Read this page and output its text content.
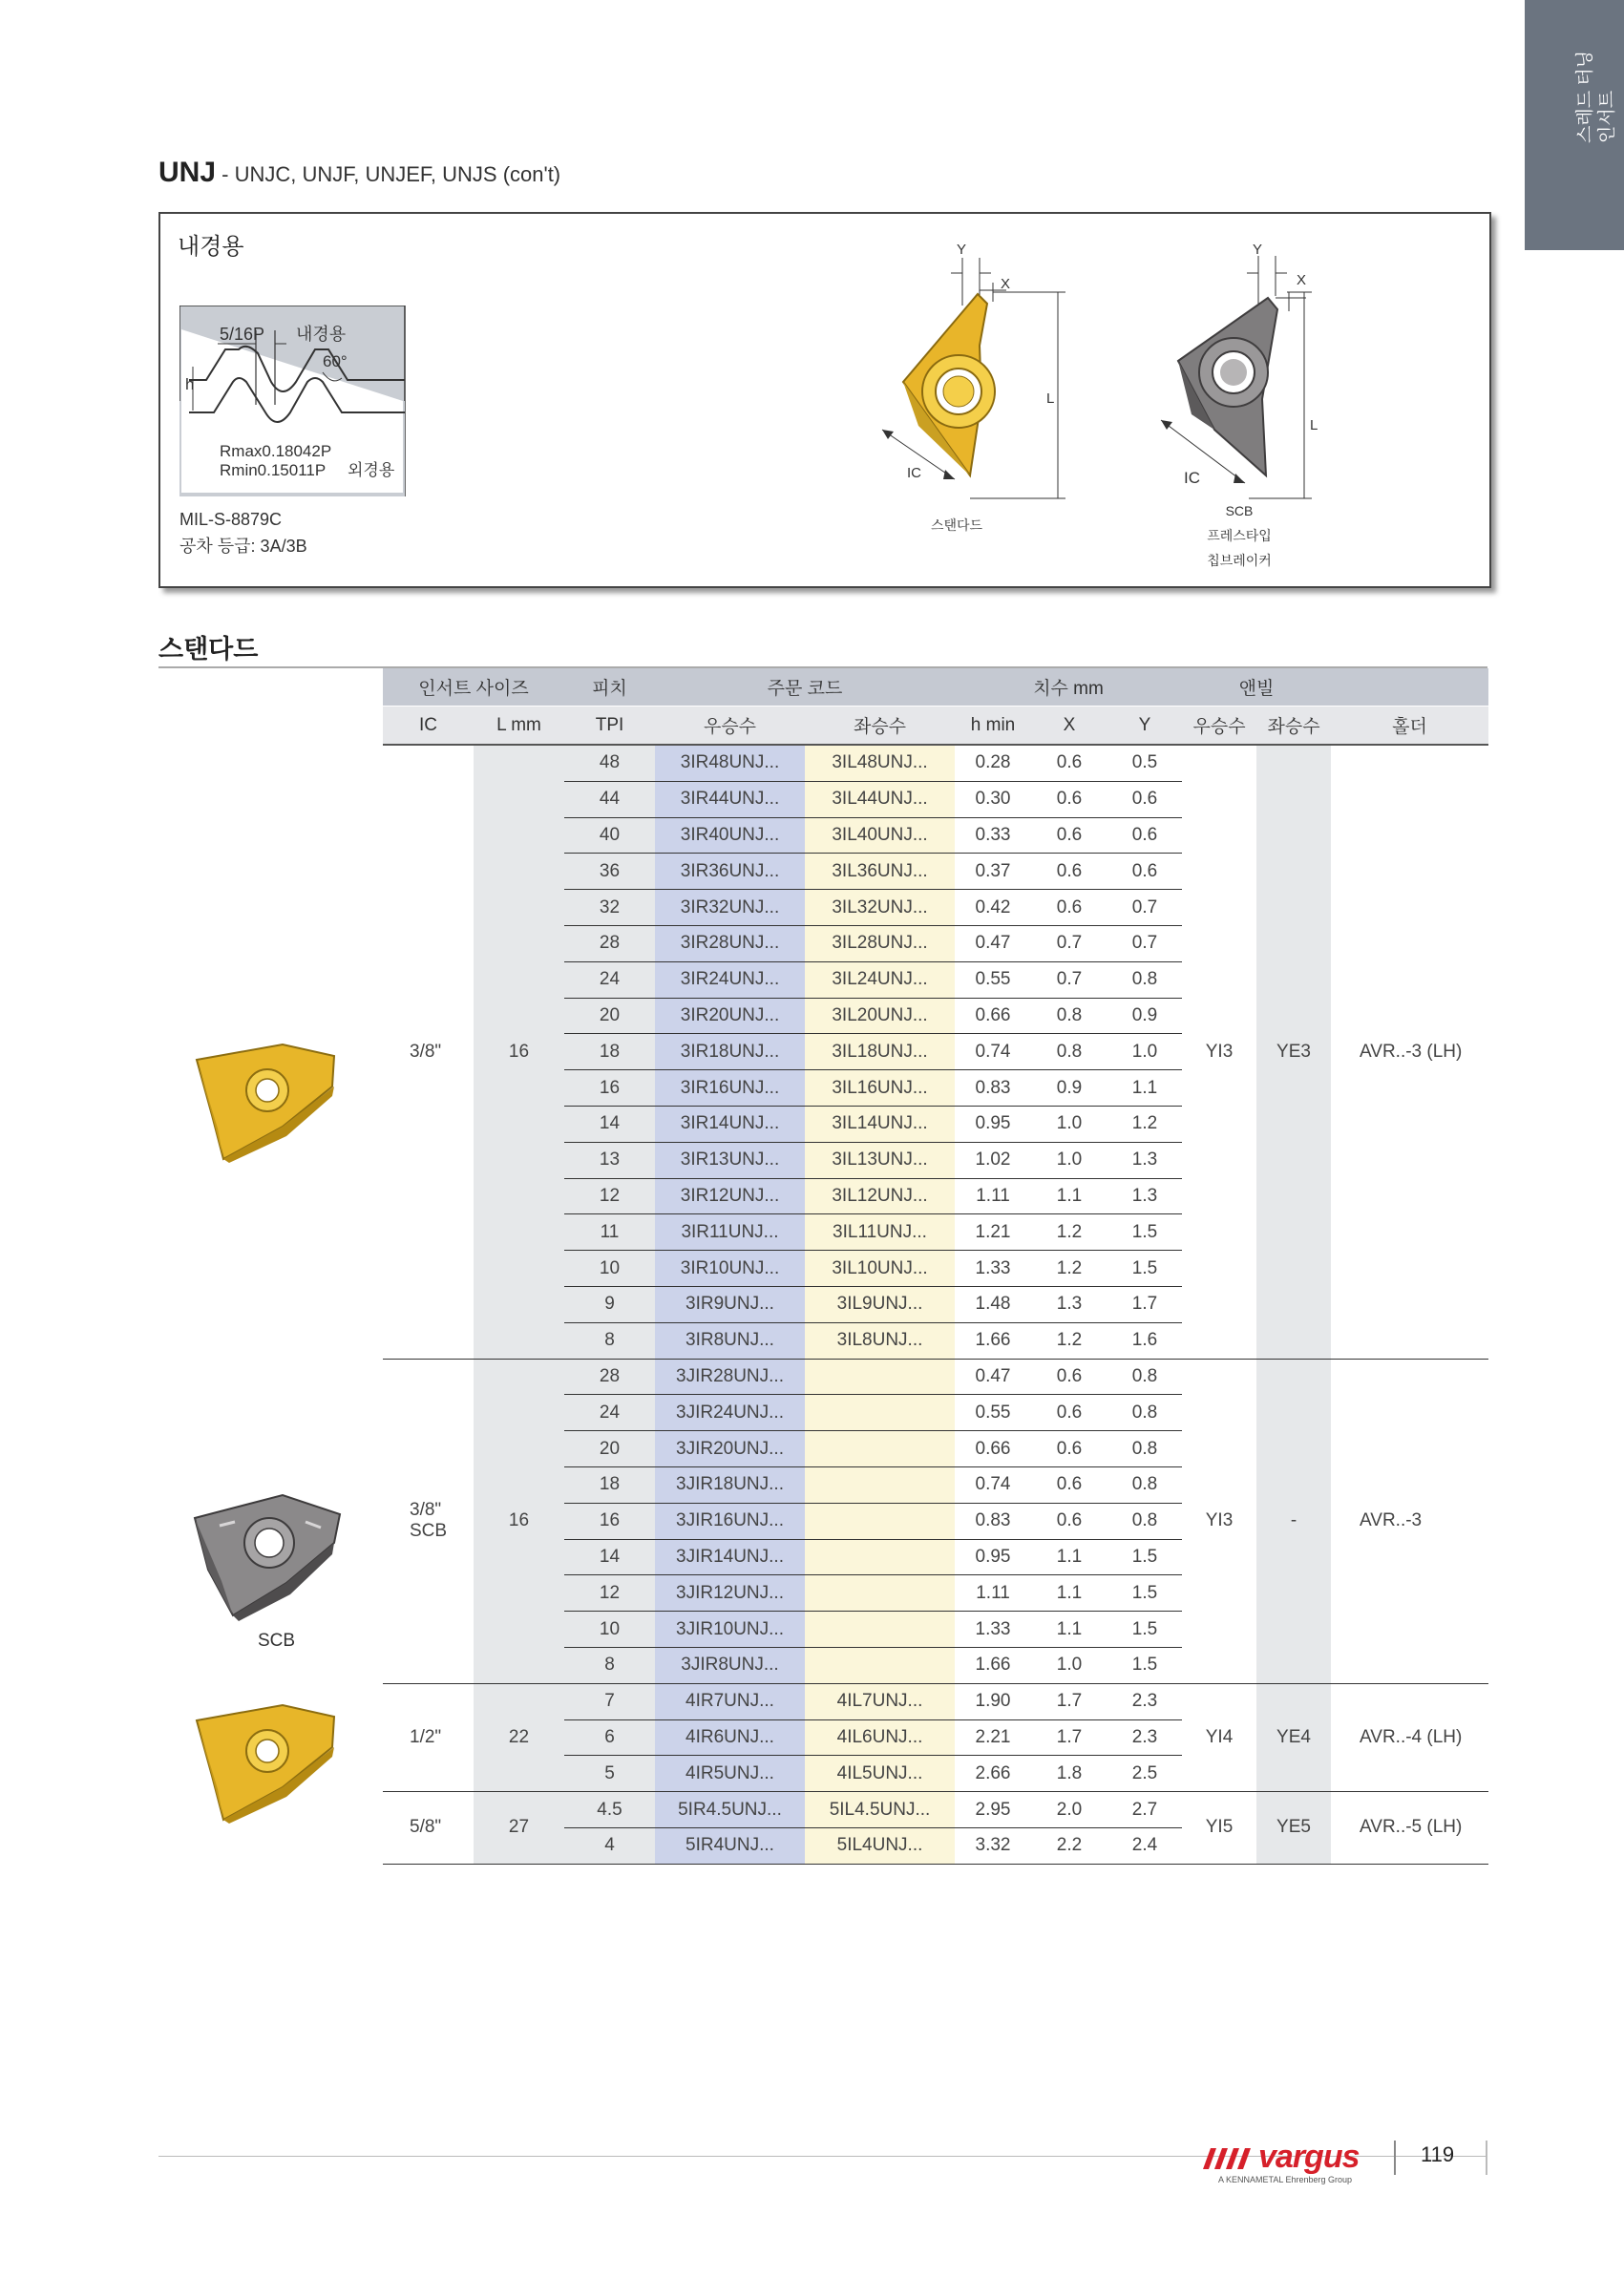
스레드 터닝 인서트
UNJ - UNJC, UNJF, UNJEF, UNJS (con't)
내경용
5/16P 내경용
60°
h
Rmax0.18042P
Rmin0.15011P 외경용
MIL-S-8879C
공차 등급: 3A/3B
Y
X
L
IC
스탠다드
Y
X
L
IC
SCB
프레스타입
칩브레이커
스탠다드
SCB
인서트 사이즈		피치	주문 코드		치수 mm			앤빌		
IC	L mm	TPI	우승수	좌승수	h min	X	Y	우승수	좌승수	홀더

3/8"	16	48	3IR48UNJ...	3IL48UNJ...	0.28	0.6	0.5	YI3	YE3	AVR..-3 (LH)
		44	3IR44UNJ...	3IL44UNJ...	0.30	0.6	0.6			
		40	3IR40UNJ...	3IL40UNJ...	0.33	0.6	0.6			
		36	3IR36UNJ...	3IL36UNJ...	0.37	0.6	0.6			
		32	3IR32UNJ...	3IL32UNJ...	0.42	0.6	0.7			
		28	3IR28UNJ...	3IL28UNJ...	0.47	0.7	0.7			
		24	3IR24UNJ...	3IL24UNJ...	0.55	0.7	0.8			
		20	3IR20UNJ...	3IL20UNJ...	0.66	0.8	0.9			
		18	3IR18UNJ...	3IL18UNJ...	0.74	0.8	1.0			
		16	3IR16UNJ...	3IL16UNJ...	0.83	0.9	1.1			
		14	3IR14UNJ...	3IL14UNJ...	0.95	1.0	1.2			
		13	3IR13UNJ...	3IL13UNJ...	1.02	1.0	1.3			
		12	3IR12UNJ...	3IL12UNJ...	1.11	1.1	1.3			
		11	3IR11UNJ...	3IL11UNJ...	1.21	1.2	1.5			
		10	3IR10UNJ...	3IL10UNJ...	1.33	1.2	1.5			
		9	3IR9UNJ...	3IL9UNJ...	1.48	1.3	1.7			
		8	3IR8UNJ...	3IL8UNJ...	1.66	1.2	1.6			

3/8"
SCB	16	28	3JIR28UNJ...		0.47	0.6	0.8	YI3	-	AVR..-3
		24	3JIR24UNJ...		0.55	0.6	0.8			
		20	3JIR20UNJ...		0.66	0.6	0.8			
		18	3JIR18UNJ...		0.74	0.6	0.8			
		16	3JIR16UNJ...		0.83	0.6	0.8			
		14	3JIR14UNJ...		0.95	1.1	1.5			
		12	3JIR12UNJ...		1.11	1.1	1.5			
		10	3JIR10UNJ...		1.33	1.1	1.5			
		8	3JIR8UNJ...		1.66	1.0	1.5			

1/2"	22	7	4IR7UNJ...	4IL7UNJ...	1.90	1.7	2.3	YI4	YE4	AVR..-4 (LH)
		6	4IR6UNJ...	4IL6UNJ...	2.21	1.7	2.3			
		5	4IR5UNJ...	4IL5UNJ...	2.66	1.8	2.5			

5/8"	27	4.5	5IR4.5UNJ...	5IL4.5UNJ...	2.95	2.0	2.7	YI5	YE5	AVR..-5 (LH)
		4	5IR4UNJ...	5IL4UNJ...	3.32	2.2	2.4			
vargus
A KENNAMETAL Ehrenberg Group
119
